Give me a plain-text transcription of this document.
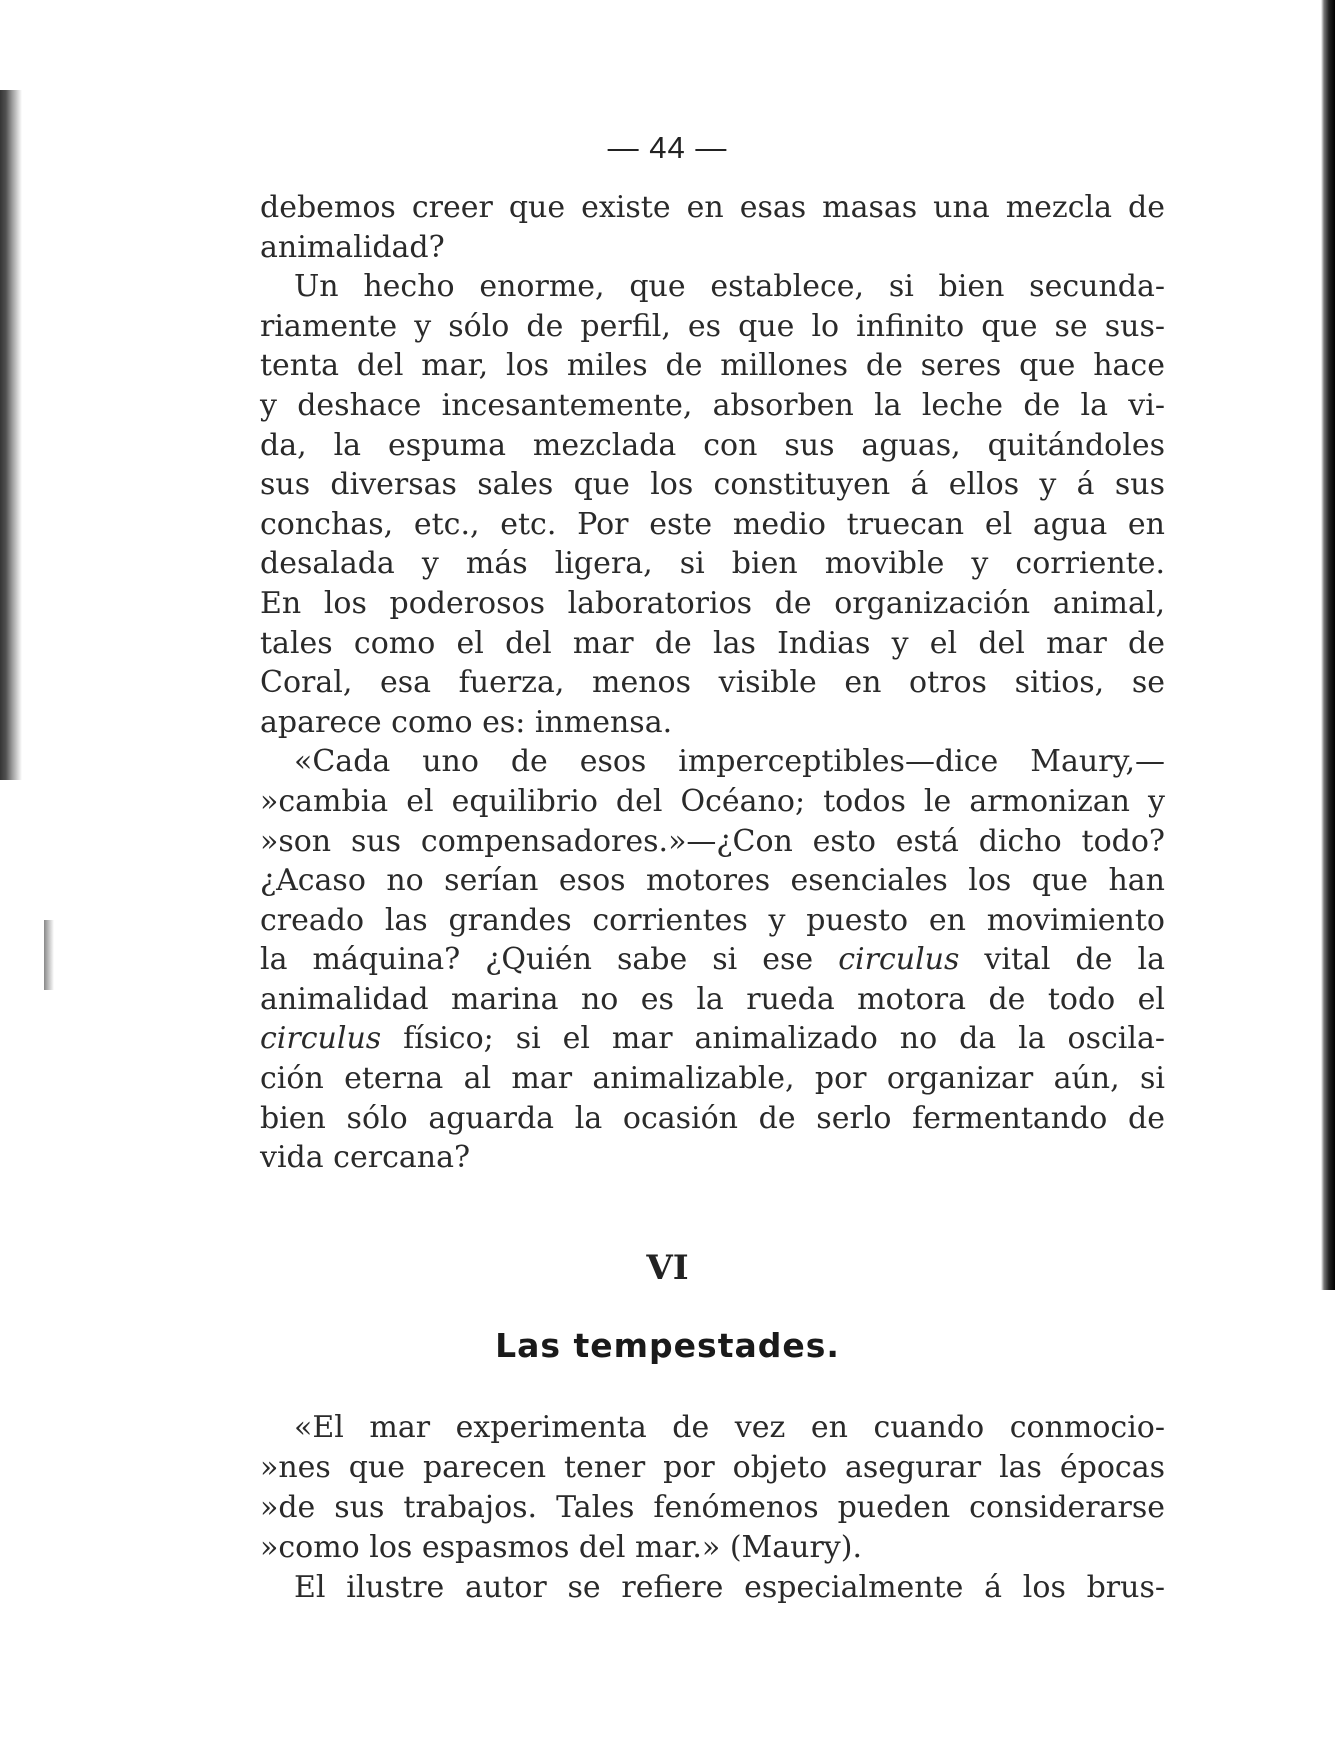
— 44 —
debemos creer que existe en esas masas una mezcla de
animalidad?
Un hecho enorme, que establece, si bien secunda-
riamente y sólo de perfil, es que lo infinito que se sus-
tenta del mar, los miles de millones de seres que hace
y deshace incesantemente, absorben la leche de la vi-
da, la espuma mezclada con sus aguas, quitándoles
sus diversas sales que los constituyen á ellos y á sus
conchas, etc., etc. Por este medio truecan el agua en
desalada y más ligera, si bien movible y corriente.
En los poderosos laboratorios de organización animal,
tales como el del mar de las Indias y el del mar de
Coral, esa fuerza, menos visible en otros sitios, se
aparece como es: inmensa.
«Cada uno de esos imperceptibles—dice Maury,—
»cambia el equilibrio del Océano; todos le armonizan y
»son sus compensadores.»—¿Con esto está dicho todo?
¿Acaso no serían esos motores esenciales los que han
creado las grandes corrientes y puesto en movimiento
la máquina? ¿Quién sabe si ese circulus vital de la
animalidad marina no es la rueda motora de todo el
circulus físico; si el mar animalizado no da la oscila-
ción eterna al mar animalizable, por organizar aún, si
bien sólo aguarda la ocasión de serlo fermentando de
vida cercana?
VI
Las tempestades.
«El mar experimenta de vez en cuando conmocio-
»nes que parecen tener por objeto asegurar las épocas
»de sus trabajos. Tales fenómenos pueden considerarse
»como los espasmos del mar.» (Maury).
El ilustre autor se refiere especialmente á los brus-
